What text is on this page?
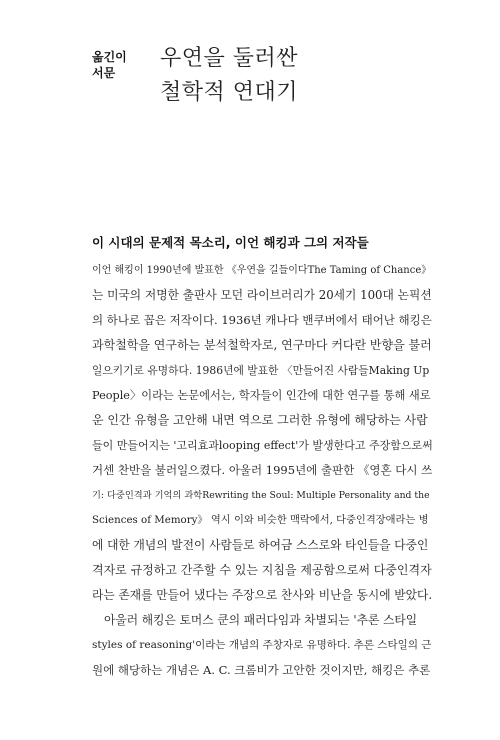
옮긴이
서문
우연을 둘러싼
철학적 연대기
이 시대의 문제적 목소리, 이언 해킹과 그의 저작들
이언 해킹이 1990년에 발표한 《우연을 길들이다The Taming of Chance》
는 미국의 저명한 출판사 모던 라이브러리가 20세기 100대 논픽션
의 하나로 꼽은 저작이다. 1936년 캐나다 밴쿠버에서 태어난 해킹은
과학철학을 연구하는 분석철학자로, 연구마다 커다란 반향을 불러
일으키기로 유명하다. 1986년에 발표한 〈만들어진 사람들Making Up
People〉이라는 논문에서는, 학자들이 인간에 대한 연구를 통해 새로
운 인간 유형을 고안해 내면 역으로 그러한 유형에 해당하는 사람
들이 만들어지는 '고리효과looping effect'가 발생한다고 주장함으로써
거센 찬반을 불러일으켰다. 아울러 1995년에 출판한 《영혼 다시 쓰
기: 다중인격과 기억의 과학Rewriting the Soul: Multiple Personality and the
Sciences of Memory》 역시 이와 비슷한 맥락에서, 다중인격장애라는 병
에 대한 개념의 발전이 사람들로 하여금 스스로와 타인들을 다중인
격자로 규정하고 간주할 수 있는 지침을 제공함으로써 다중인격자
라는 존재를 만들어 냈다는 주장으로 찬사와 비난을 동시에 받았다.
아울러 해킹은 토머스 쿤의 패러다임과 차별되는 '추론 스타일
styles of reasoning'이라는 개념의 주창자로 유명하다. 추론 스타일의 근
원에 해당하는 개념은 A. C. 크롬비가 고안한 것이지만, 해킹은 추론
